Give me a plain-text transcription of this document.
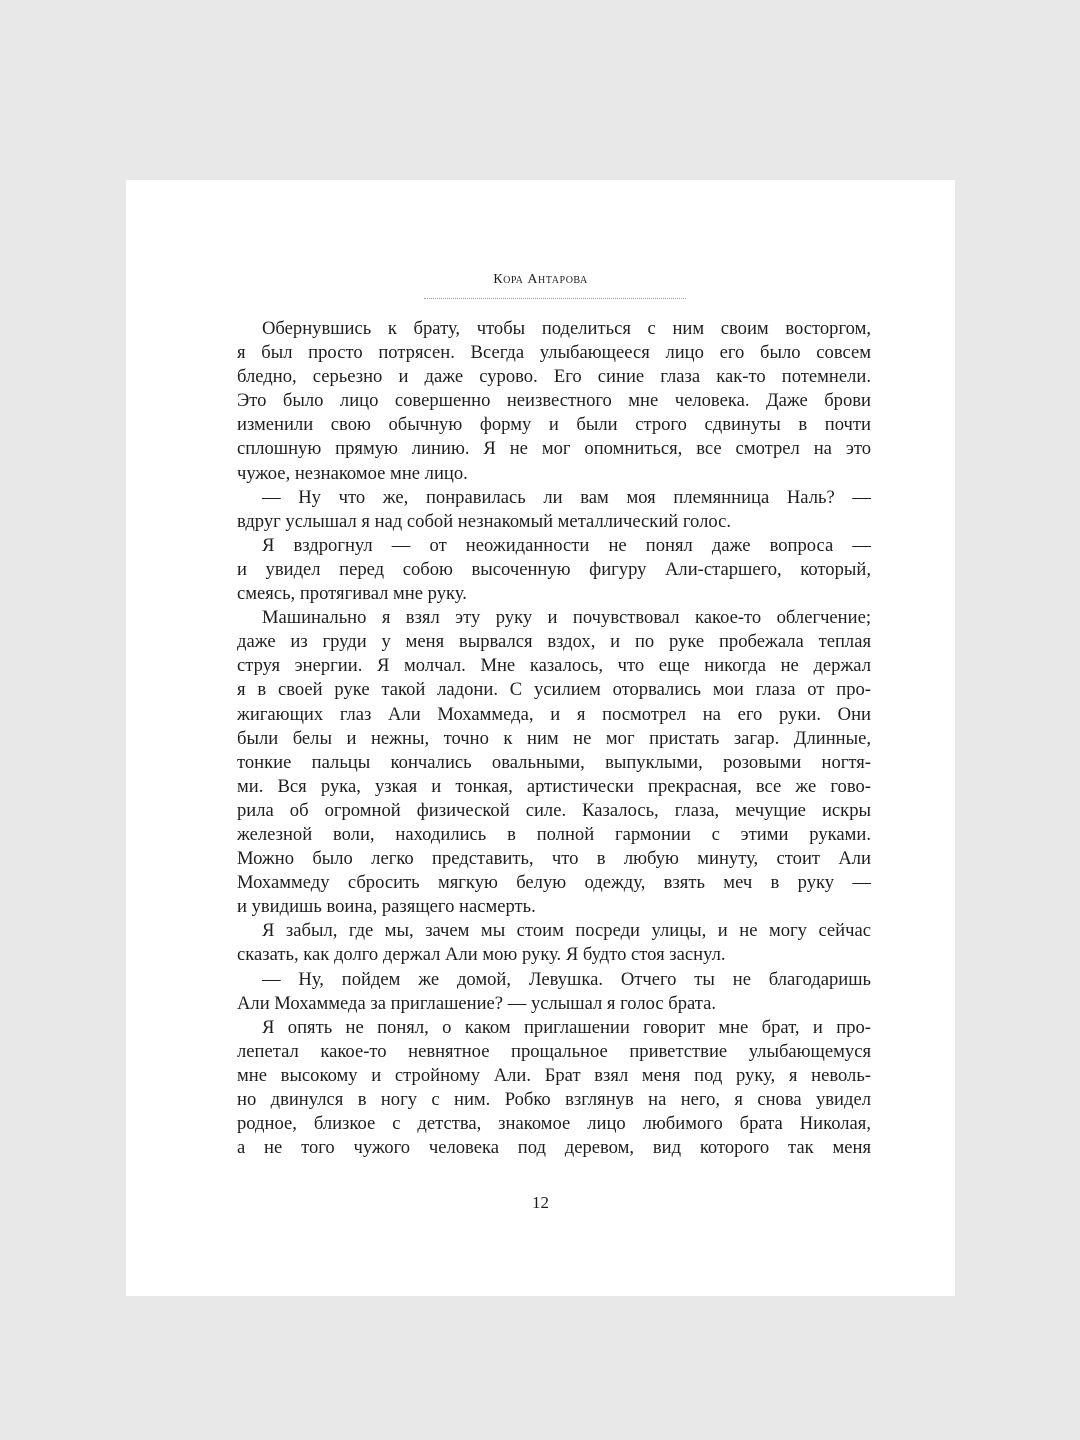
Кора Антарова
Обернувшись к брату, чтобы поделиться с ним своим восторгом,
я был просто потрясен. Всегда улыбающееся лицо его было совсем
бледно, серьезно и даже сурово. Его синие глаза как-то потемнели.
Это было лицо совершенно неизвестного мне человека. Даже брови
изменили свою обычную форму и были строго сдвинуты в почти
сплошную прямую линию. Я не мог опомниться, все смотрел на это
чужое, незнакомое мне лицо.
— Ну что же, понравилась ли вам моя племянница Наль? —
вдруг услышал я над собой незнакомый металлический голос.
Я вздрогнул — от неожиданности не понял даже вопроса —
и увидел перед собою высоченную фигуру Али-старшего, который,
смеясь, протягивал мне руку.
Машинально я взял эту руку и почувствовал какое-то облегчение;
даже из груди у меня вырвался вздох, и по руке пробежала теплая
струя энергии. Я молчал. Мне казалось, что еще никогда не держал
я в своей руке такой ладони. С усилием оторвались мои глаза от про-
жигающих глаз Али Мохаммеда, и я посмотрел на его руки. Они
были белы и нежны, точно к ним не мог пристать загар. Длинные,
тонкие пальцы кончались овальными, выпуклыми, розовыми ногтя-
ми. Вся рука, узкая и тонкая, артистически прекрасная, все же гово-
рила об огромной физической силе. Казалось, глаза, мечущие искры
железной воли, находились в полной гармонии с этими руками.
Можно было легко представить, что в любую минуту, стоит Али
Мохаммеду сбросить мягкую белую одежду, взять меч в руку —
и увидишь воина, разящего насмерть.
Я забыл, где мы, зачем мы стоим посреди улицы, и не могу сейчас
сказать, как долго держал Али мою руку. Я будто стоя заснул.
— Ну, пойдем же домой, Левушка. Отчего ты не благодаришь
Али Мохаммеда за приглашение? — услышал я голос брата.
Я опять не понял, о каком приглашении говорит мне брат, и про-
лепетал какое-то невнятное прощальное приветствие улыбающемуся
мне высокому и стройному Али. Брат взял меня под руку, я неволь-
но двинулся в ногу с ним. Робко взглянув на него, я снова увидел
родное, близкое с детства, знакомое лицо любимого брата Николая,
а не того чужого человека под деревом, вид которого так меня
12
